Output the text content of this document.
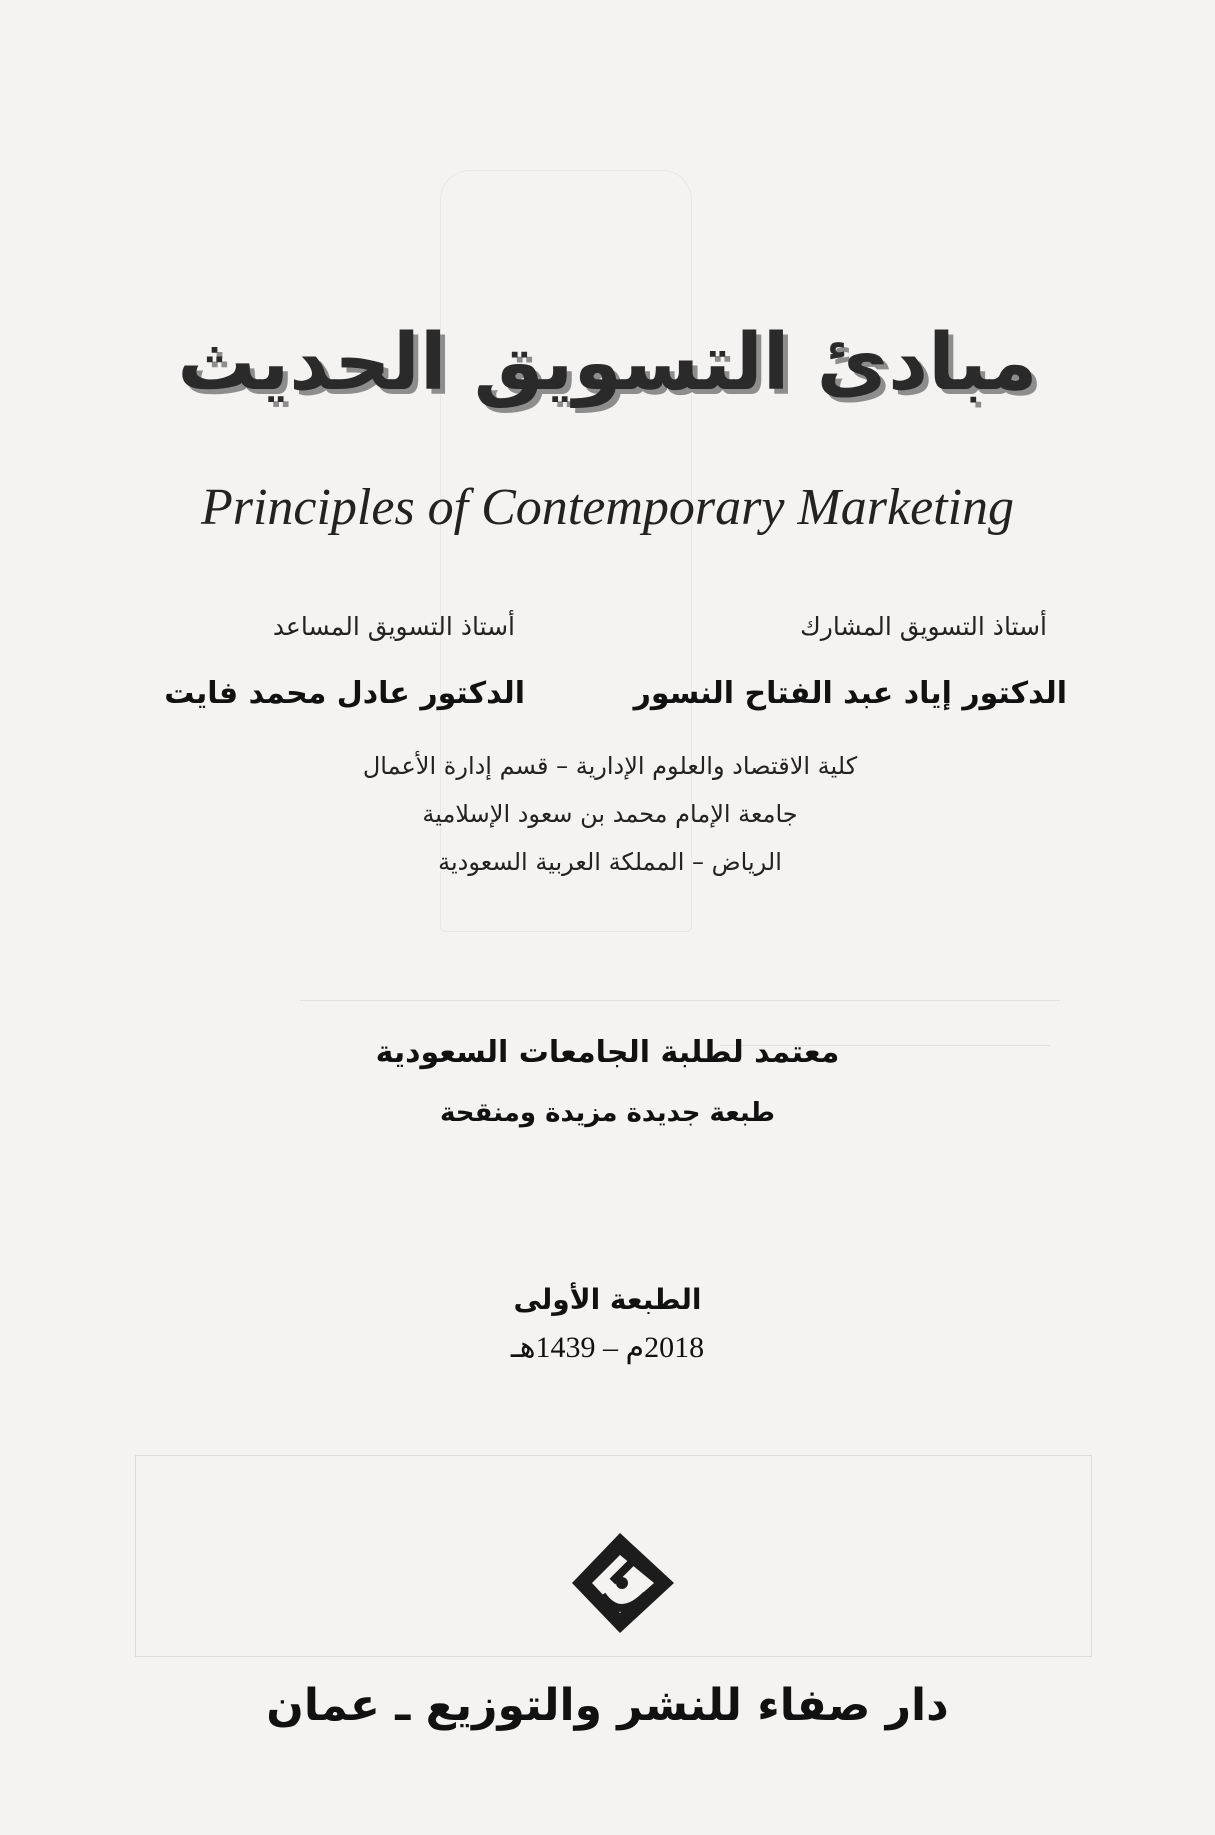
مبادئ التسويق الحديث
Principles of Contemporary Marketing
أستاذ التسويق المشارك
أستاذ التسويق المساعد
الدكتور إياد عبد الفتاح النسور
الدكتور عادل محمد فايت
كلية الاقتصاد والعلوم الإدارية – قسم إدارة الأعمال
جامعة الإمام محمد بن سعود الإسلامية
الرياض – المملكة العربية السعودية
معتمد لطلبة الجامعات السعودية
طبعة جديدة مزيدة ومنقحة
الطبعة الأولى
2018م – 1439هـ
دار صفاء للنشر والتوزيع ـ عمان
